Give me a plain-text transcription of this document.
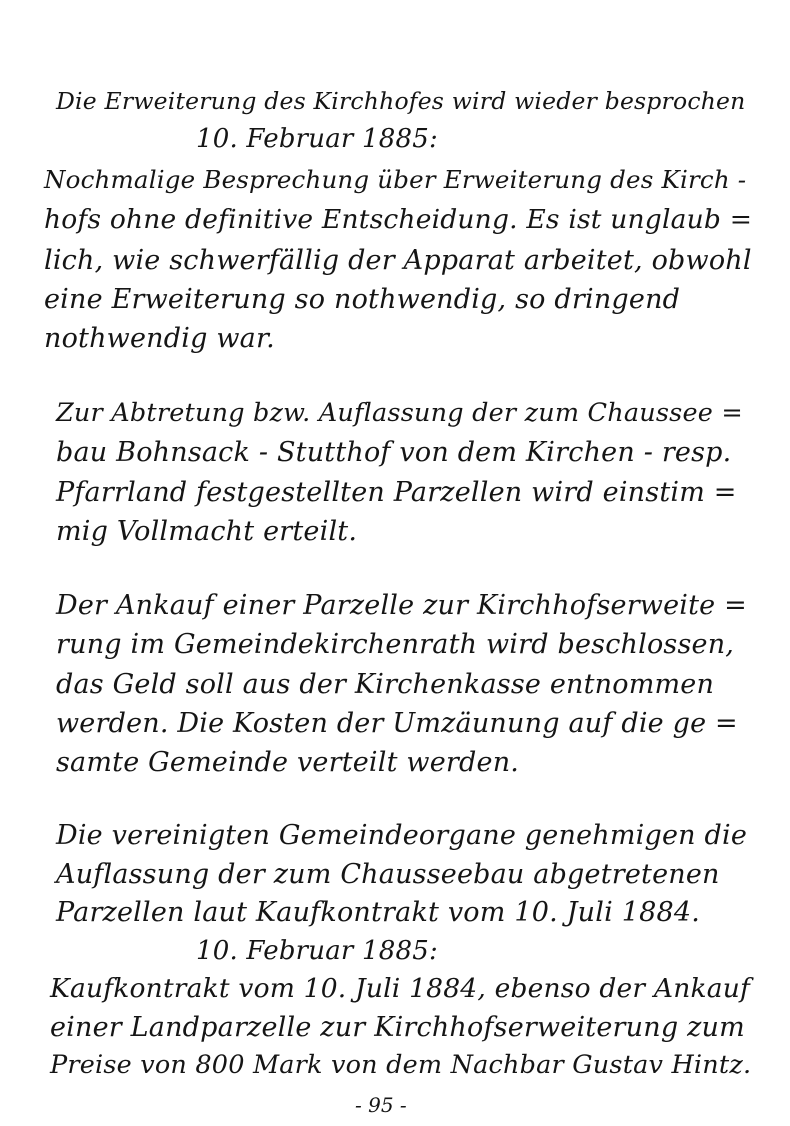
Die Erweiterung des Kirchhofes wird wieder besprochen
10. Februar 1885:
Nochmalige Besprechung über Erweiterung des Kirch -
hofs ohne definitive Entscheidung. Es ist unglaub =
lich, wie schwerfällig der Apparat arbeitet, obwohl
eine Erweiterung so nothwendig, so dringend
nothwendig war.
Zur Abtretung bzw. Auflassung der zum Chaussee =
bau Bohnsack - Stutthof von dem Kirchen - resp.
Pfarrland festgestellten Parzellen wird einstim =
mig Vollmacht erteilt.
Der Ankauf einer Parzelle zur Kirchhofserweite =
rung im Gemeindekirchenrath wird beschlossen,
das Geld soll aus der Kirchenkasse entnommen
werden. Die Kosten der Umzäunung auf die ge =
samte Gemeinde verteilt werden.
Die vereinigten Gemeindeorgane genehmigen die
Auflassung der zum Chausseebau abgetretenen
Parzellen laut Kaufkontrakt vom 10. Juli 1884.
10. Februar 1885:
Kaufkontrakt vom 10. Juli 1884, ebenso der Ankauf
einer Landparzelle zur Kirchhofserweiterung zum
Preise von 800 Mark von dem Nachbar Gustav Hintz.
- 95 -
